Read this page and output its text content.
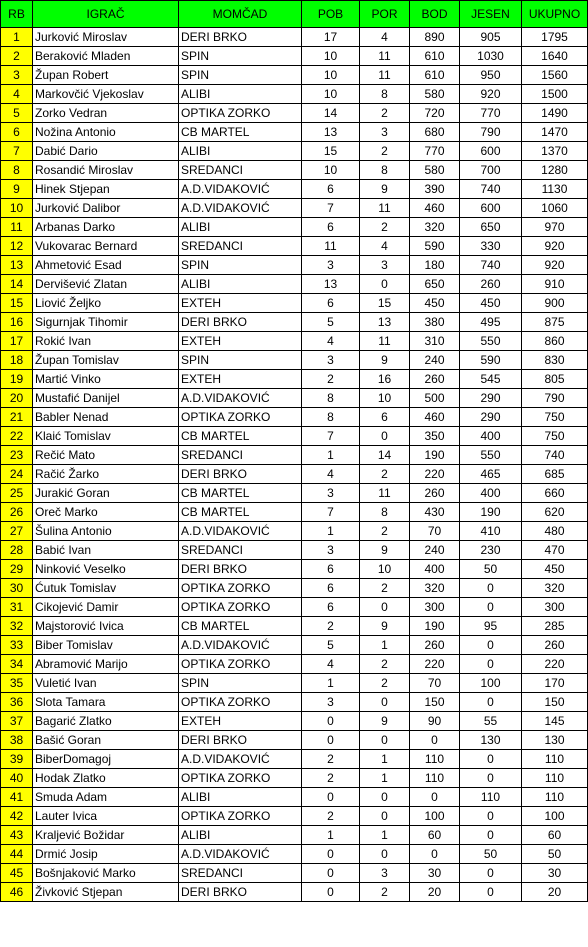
RB	IGRAČ	MOMČAD	POB	POR	BOD	JESEN	UKUPNO
1	Jurković Miroslav	DERI BRKO	17	4	890	905	1795
2	Beraković Mladen	SPIN	10	11	610	1030	1640
3	Župan Robert	SPIN	10	11	610	950	1560
4	Markovčić Vjekoslav	ALIBI	10	8	580	920	1500
5	Zorko Vedran	OPTIKA ZORKO	14	2	720	770	1490
6	Nožina Antonio	CB MARTEL	13	3	680	790	1470
7	Dabić Dario	ALIBI	15	2	770	600	1370
8	Rosandić Miroslav	SREDANCI	10	8	580	700	1280
9	Hinek Stjepan	A.D.VIDAKOVIĆ	6	9	390	740	1130
10	Jurković Dalibor	A.D.VIDAKOVIĆ	7	11	460	600	1060
11	Arbanas Darko	ALIBI	6	2	320	650	970
12	Vukovarac Bernard	SREDANCI	11	4	590	330	920
13	Ahmetović Esad	SPIN	3	3	180	740	920
14	Dervišević Zlatan	ALIBI	13	0	650	260	910
15	Liović Željko	EXTEH	6	15	450	450	900
16	Sigurnjak Tihomir	DERI BRKO	5	13	380	495	875
17	Rokić Ivan	EXTEH	4	11	310	550	860
18	Župan Tomislav	SPIN	3	9	240	590	830
19	Martić Vinko	EXTEH	2	16	260	545	805
20	Mustafić Danijel	A.D.VIDAKOVIĆ	8	10	500	290	790
21	Babler Nenad	OPTIKA ZORKO	8	6	460	290	750
22	Klaić Tomislav	CB MARTEL	7	0	350	400	750
23	Rečić Mato	SREDANCI	1	14	190	550	740
24	Račić Žarko	DERI BRKO	4	2	220	465	685
25	Jurakić Goran	CB MARTEL	3	11	260	400	660
26	Oreč Marko	CB MARTEL	7	8	430	190	620
27	Šulina Antonio	A.D.VIDAKOVIĆ	1	2	70	410	480
28	Babić Ivan	SREDANCI	3	9	240	230	470
29	Ninković Veselko	DERI BRKO	6	10	400	50	450
30	Ćutuk Tomislav	OPTIKA ZORKO	6	2	320	0	320
31	Cikojević Damir	OPTIKA ZORKO	6	0	300	0	300
32	Majstorović Ivica	CB MARTEL	2	9	190	95	285
33	Biber Tomislav	A.D.VIDAKOVIĆ	5	1	260	0	260
34	Abramović Marijo	OPTIKA ZORKO	4	2	220	0	220
35	Vuletić Ivan	SPIN	1	2	70	100	170
36	Slota Tamara	OPTIKA ZORKO	3	0	150	0	150
37	Bagarić Zlatko	EXTEH	0	9	90	55	145
38	Bašić Goran	DERI BRKO	0	0	0	130	130
39	BiberDomagoj	A.D.VIDAKOVIĆ	2	1	110	0	110
40	Hodak Zlatko	OPTIKA ZORKO	2	1	110	0	110
41	Smuda Adam	ALIBI	0	0	0	110	110
42	Lauter Ivica	OPTIKA ZORKO	2	0	100	0	100
43	Kraljević Božidar	ALIBI	1	1	60	0	60
44	Drmić Josip	A.D.VIDAKOVIĆ	0	0	0	50	50
45	Bošnjaković Marko	SREDANCI	0	3	30	0	30
46	Živković Stjepan	DERI BRKO	0	2	20	0	20
